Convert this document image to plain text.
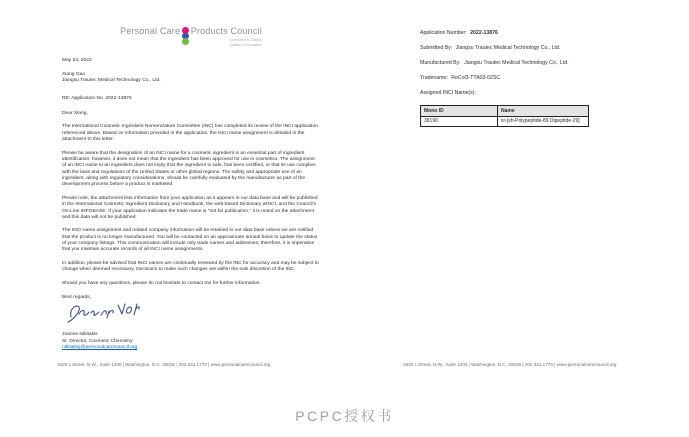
Personal Care Products Council
Committed to Safety,
Quality & Innovation
May 24, 2023
Xiang Gao
Jiangsu Trautec Medical Technology Co., Ltd.
RE: Application No. 2022-13876
Dear Xiang,
The International Cosmetic Ingredient Nomenclature Committee (INC) has completed its review of the INCI application referenced above. Based on information provided in the application, the INCI name assignment is detailed in the attachment to this letter.
Please be aware that the designation of an INCI name for a cosmetic ingredient is an essential part of ingredient identification; however, it does not mean that the ingredient has been approved for use in cosmetics. The assignment of an INCI name to an ingredient does not imply that the ingredient is safe, has been certified, or that its use complies with the laws and regulations of the United States or other global regions. The safety and appropriate use of an ingredient, along with regulatory considerations, should be carefully evaluated by the manufacturer as part of the development process before a product is marketed.
Please note, the attachment lists information from your application as it appears in our data base and will be published in the International Cosmetic Ingredient Dictionary and Handbook, the web-based Dictionary wINCI, and the Council's On-Line INFOBASE. If your application indicates the trade name is "not for publication," it is noted on the attachment and this data will not be published.
The INCI name assignment and related company information will be retained in our data base unless we are notified that the product is no longer manufactured. You will be contacted on an approximate annual basis to update the status of your company listings. This communication will include only trade names and addresses; therefore, it is imperative that you maintain accurate records of all INCI name assignments.
In addition, please be advised that INCI names are continually reviewed by the INC for accuracy and may be subject to change when deemed necessary. Decisions to make such changes are within the sole discretion of the INC.
Should you have any questions, please do not hesitate to contact me for further information.
Best regards,
Joanne Nikitakis
Sr. Director, Cosmetic Chemistry
nikitakisj@personalcarecouncil.org
Application Number: 2022-13876
Submitted By: Jiangsu Trautec Medical Technology Co., Ltd.
Manufactured By: Jiangsu Trautec Medical Technology Co., Ltd.
Tradename: ReCol3-TTA03-02SC
Assigned INCI Name(s):
Mono ID	Name
38190	sr-[sh-Polypeptide-89 Dipeptide-29]
1620 L Street, N.W., Suite 1200 | Washington, D.C. 20036 | 202.331.1770 | www.personalcarecouncil.org	1620 L Street, N.W., Suite 1200 | Washington, D.C. 20036 | 202.331.1770 | www.personalcarecouncil.org
PCPC授权书
